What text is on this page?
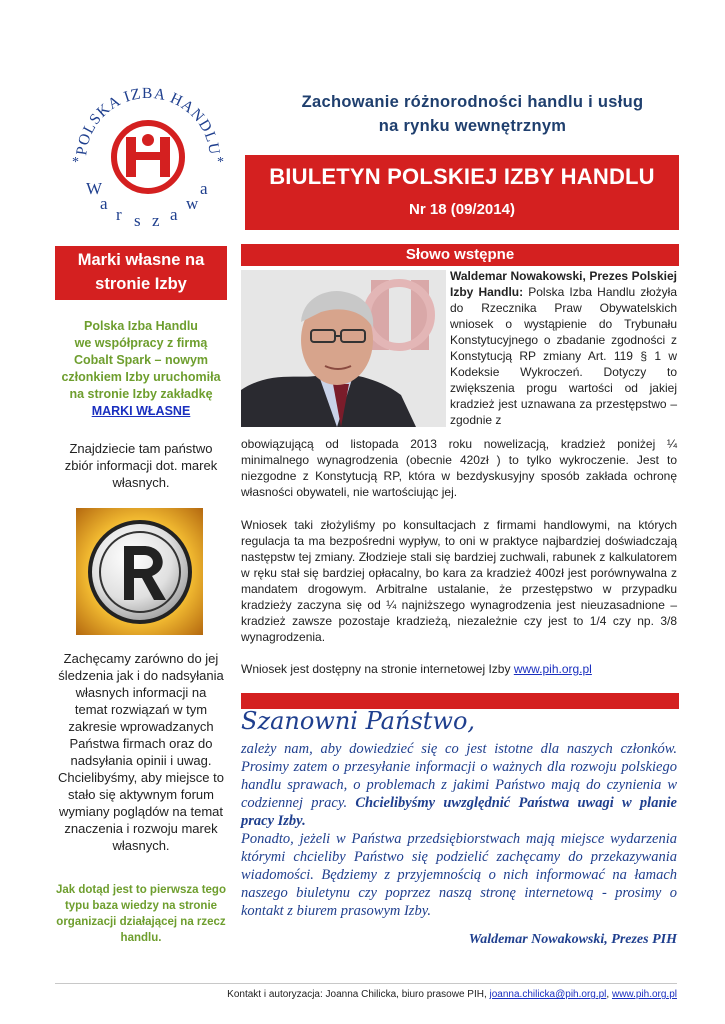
POLSKA IZBA HANDLU
*	*
W
a
r s z a
w
a
Zachowanie różnorodności handlu i usług
na rynku wewnętrznym
BIULETYN POLSKIEJ IZBY HANDLU
Nr 18 (09/2014)
Marki własne na
stronie Izby
Polska Izba Handlu
we współpracy z firmą
Cobalt Spark – nowym
członkiem Izby uruchomiła
na stronie Izby zakładkę
MARKI WŁASNE
Znajdziecie tam państwo
zbiór informacji dot. marek
własnych.
Zachęcamy zarówno do jej
śledzenia jak i do nadsyłania
własnych informacji na
temat rozwiązań w tym
zakresie wprowadzanych
Państwa firmach oraz do
nadsyłania opinii i uwag.
Chcielibyśmy, aby miejsce to
stało się aktywnym forum
wymiany poglądów na temat
znaczenia i rozwoju marek
własnych.
Jak dotąd jest to pierwsza tego
typu baza wiedzy na stronie
organizacji działającej na rzecz
handlu.
Słowo wstępne
Waldemar Nowakowski, Prezes Polskiej Izby Handlu: Polska Izba Handlu złożyła do Rzecznika Praw Obywatelskich wniosek o wystąpienie do Trybunału Konstytucyjnego o zbadanie zgodności z Konstytucją RP zmiany Art. 119 § 1 w Kodeksie Wykroczeń. Dotyczy to zwiększenia progu wartości od jakiej kradzież jest uznawana za przestępstwo – zgodnie z
obowiązującą od listopada 2013 roku nowelizacją, kradzież poniżej ¼ minimalnego wynagrodzenia (obecnie 420zł ) to tylko wykroczenie. Jest to niezgodne z Konstytucją RP, która w bezdyskusyjny sposób zakłada ochronę własności obywateli, nie wartościując jej.
Wniosek taki złożyliśmy po konsultacjach z firmami handlowymi, na których regulacja ta ma bezpośredni wypływ, to oni w praktyce najbardziej doświadczają następstw tej zmiany. Złodzieje stali się bardziej zuchwali, rabunek z kalkulatorem w ręku stał się bardziej opłacalny, bo kara za kradzież 400zł jest porównywalna z mandatem drogowym. Arbitralne ustalanie, że przestępstwo w przypadku kradzieży zaczyna się od ¼ najniższego wynagrodzenia jest nieuzasadnione – kradzież zawsze pozostaje kradzieżą, niezależnie czy jest to 1/4 czy np. 3/8 wynagrodzenia.
Wniosek jest dostępny na stronie internetowej Izby www.pih.org.pl
Szanowni Państwo,
zależy nam, aby dowiedzieć się co jest istotne dla naszych członków. Prosimy zatem o przesyłanie informacji o ważnych dla rozwoju polskiego handlu sprawach, o problemach z jakimi Państwo mają do czynienia w codziennej pracy. Chcielibyśmy uwzględnić Państwa uwagi w planie pracy Izby.
Ponadto, jeżeli w Państwa przedsiębiorstwach mają miejsce wydarzenia którymi chcieliby Państwo się podzielić zachęcamy do przekazywania wiadomości. Będziemy z przyjemnością o nich informować na łamach naszego biuletynu czy poprzez naszą stronę internetową - prosimy o kontakt z biurem prasowym Izby.
Waldemar Nowakowski, Prezes PIH
Kontakt i autoryzacja: Joanna Chilicka, biuro prasowe PIH, joanna.chilicka@pih.org.pl, www.pih.org.pl
